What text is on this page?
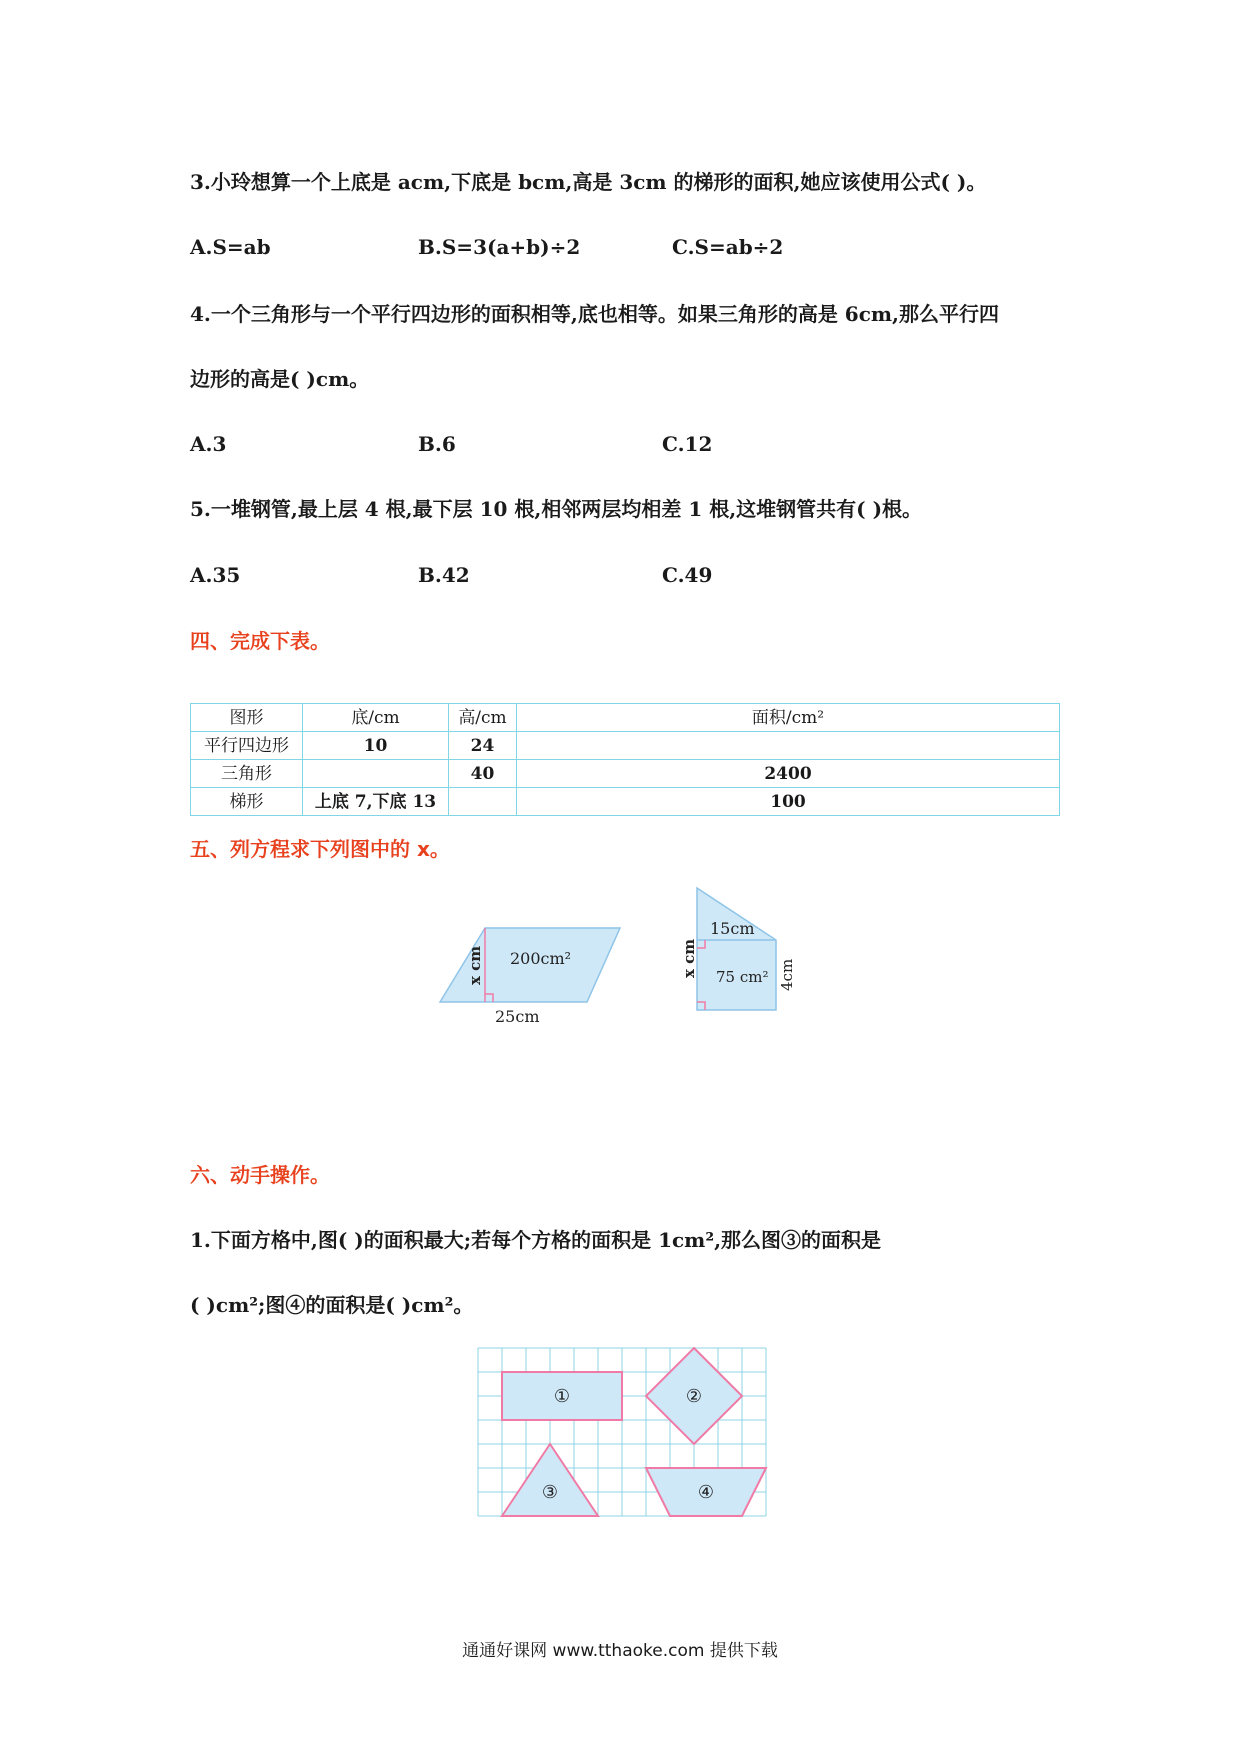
3.小玲想算一个上底是 acm,下底是 bcm,高是 3cm 的梯形的面积,她应该使用公式( )。
A.S=ab	B.S=3(a+b)÷2	C.S=ab÷2
4.一个三角形与一个平行四边形的面积相等,底也相等。如果三角形的高是 6cm,那么平行四
边形的高是( )cm。
A.3	B.6	C.12
5.一堆钢管,最上层 4 根,最下层 10 根,相邻两层均相差 1 根,这堆钢管共有( )根。
A.35	B.42	C.49
四、完成下表。
图形	底/cm	高/cm	面积/cm²
平行四边形	10	24	
三角形		40	2400
梯形	上底 7,下底 13		100
五、列方程求下列图中的 x。
200cm²
x cm
25cm
15cm
75 cm²
x cm	4cm
六、动手操作。
1.下面方格中,图( )的面积最大;若每个方格的面积是 1cm²,那么图③的面积是
( )cm²;图④的面积是( )cm²。
①	②
③	④
通通好课网 www.tthaoke.com 提供下载
